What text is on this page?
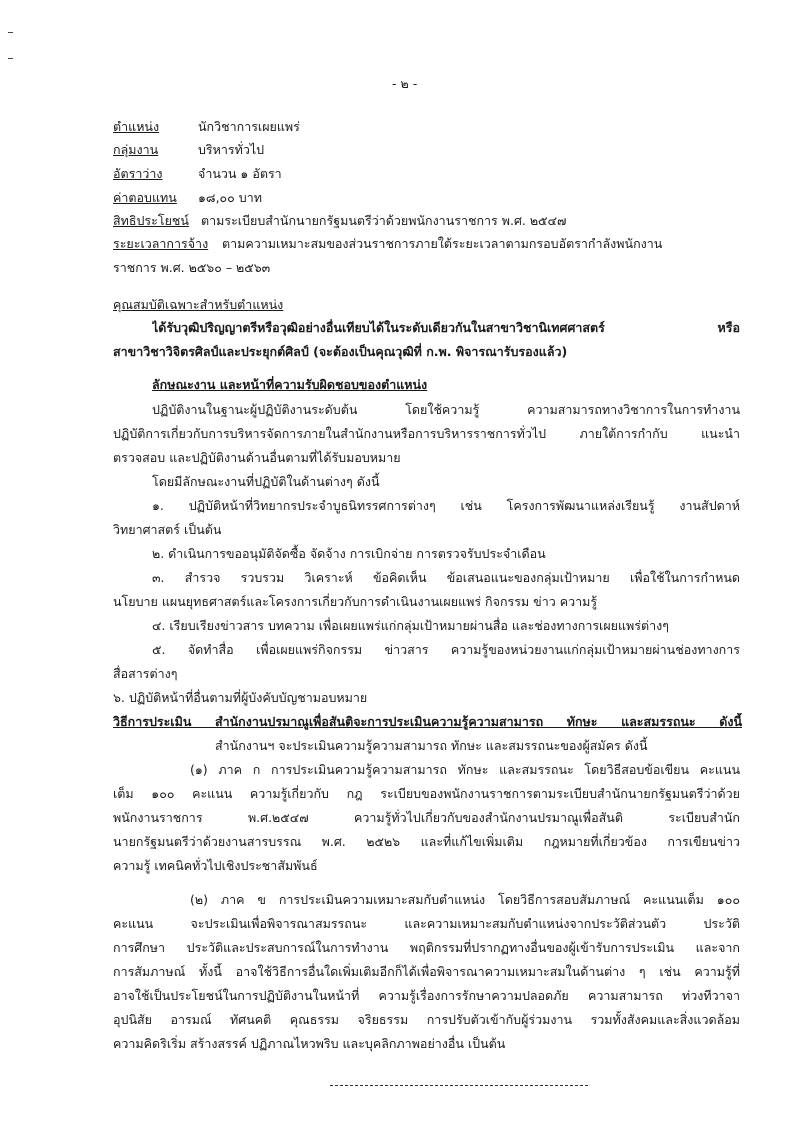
- ๒ -
ตำแหน่ง	นักวิชาการเผยแพร่
กลุ่มงาน	บริหารทั่วไป
อัตราว่าง	จำนวน ๑ อัตรา
ค่าตอบแทน ๑๘,๐๐ บาท
สิทธิประโยชน์ ตามระเบียบสำนักนายกรัฐมนตรีว่าด้วยพนักงานราชการ พ.ศ. ๒๕๔๗
ระยะเวลาการจ้าง ตามความเหมาะสมของส่วนราชการภายใต้ระยะเวลาตามกรอบอัตรากำลังพนักงาน
ราชการ พ.ศ. ๒๕๖๐ – ๒๕๖๓
คุณสมบัติเฉพาะสำหรับตำแหน่ง
ได้รับวุฒิปริญญาตรีหรือวุฒิอย่างอื่นเทียบได้ในระดับเดียวกันในสาขาวิชานิเทศศาสตร์ หรือ
สาขาวิชาวิจิตรศิลป์และประยุกต์ศิลป์ (จะต้องเป็นคุณวุฒิที่ ก.พ. พิจารณารับรองแล้ว)
ลักษณะงาน และหน้าที่ความรับผิดชอบของตำแหน่ง
ปฏิบัติงานในฐานะผู้ปฏิบัติงานระดับต้น โดยใช้ความรู้ ความสามารถทางวิชาการในการทำงาน
ปฏิบัติการเกี่ยวกับการบริหารจัดการภายในสำนักงานหรือการบริหารราชการทั่วไป ภายใต้การกำกับ แนะนำ
ตรวจสอบ และปฏิบัติงานด้านอื่นตามที่ได้รับมอบหมาย
โดยมีลักษณะงานที่ปฏิบัติในด้านต่างๆ ดังนี้
๑. ปฏิบัติหน้าที่วิทยากรประจำบูธนิทรรศการต่างๆ เช่น โครงการพัฒนาแหล่งเรียนรู้ งานสัปดาห์
วิทยาศาสตร์ เป็นต้น
๒. ดำเนินการขออนุมัติจัดซื้อ จัดจ้าง การเบิกจ่าย การตรวจรับประจำเดือน
๓. สำรวจ รวบรวม วิเคราะห์ ข้อคิดเห็น ข้อเสนอแนะของกลุ่มเป้าหมาย เพื่อใช้ในการกำหนด
นโยบาย แผนยุทธศาสตร์และโครงการเกี่ยวกับการดำเนินงานเผยแพร่ กิจกรรม ข่าว ความรู้
๔. เรียบเรียงข่าวสาร บทความ เพื่อเผยแพร่แก่กลุ่มเป้าหมายผ่านสื่อ และช่องทางการเผยแพร่ต่างๆ
๕. จัดทำสื่อ เพื่อเผยแพร่กิจกรรม ข่าวสาร ความรู้ของหน่วยงานแก่กลุ่มเป้าหมายผ่านช่องทางการ
สื่อสารต่างๆ
๖. ปฏิบัติหน้าที่อื่นตามที่ผู้บังคับบัญชามอบหมาย
วิธีการประเมิน สำนักงานปรมาณูเพื่อสันติจะการประเมินความรู้ความสามารถ ทักษะ และสมรรถนะ ดังนี้
สำนักงานฯ จะประเมินความรู้ความสามารถ ทักษะ และสมรรถนะของผู้สมัคร ดังนี้
(๑) ภาค ก การประเมินความรู้ความสามารถ ทักษะ และสมรรถนะ โดยวิธีสอบข้อเขียน คะแนน
เต็ม ๑๐๐ คะแนน ความรู้เกี่ยวกับ กฎ ระเบียบของพนักงานราชการตามระเบียบสำนักนายกรัฐมนตรีว่าด้วย
พนักงานราชการ พ.ศ.๒๕๔๗ ความรู้ทั่วไปเกี่ยวกับของสำนักงานปรมาณูเพื่อสันติ ระเบียบสำนัก
นายกรัฐมนตรีว่าด้วยงานสารบรรณ พ.ศ. ๒๕๒๖ และที่แก้ไขเพิ่มเติม กฎหมายที่เกี่ยวข้อง การเขียนข่าว
ความรู้ เทคนิคทั่วไปเชิงประชาสัมพันธ์
(๒) ภาค ข การประเมินความเหมาะสมกับตำแหน่ง โดยวิธีการสอบสัมภาษณ์ คะแนนเต็ม ๑๐๐
คะแนน จะประเมินเพื่อพิจารณาสมรรถนะ และความเหมาะสมกับตำแหน่งจากประวัติส่วนตัว ประวัติ
การศึกษา ประวัติและประสบการณ์ในการทำงาน พฤติกรรมที่ปรากฏทางอื่นของผู้เข้ารับการประเมิน และจาก
การสัมภาษณ์ ทั้งนี้ อาจใช้วิธีการอื่นใดเพิ่มเติมอีกก็ได้เพื่อพิจารณาความเหมาะสมในด้านต่าง ๆ เช่น ความรู้ที่
อาจใช้เป็นประโยชน์ในการปฏิบัติงานในหน้าที่ ความรู้เรื่องการรักษาความปลอดภัย ความสามารถ ท่วงทีวาจา
อุปนิสัย อารมณ์ ทัศนคติ คุณธรรม จริยธรรม การปรับตัวเข้ากับผู้ร่วมงาน รวมทั้งสังคมและสิ่งแวดล้อม
ความคิดริเริ่ม สร้างสรรค์ ปฏิภาณไหวพริบ และบุคลิกภาพอย่างอื่น เป็นต้น
